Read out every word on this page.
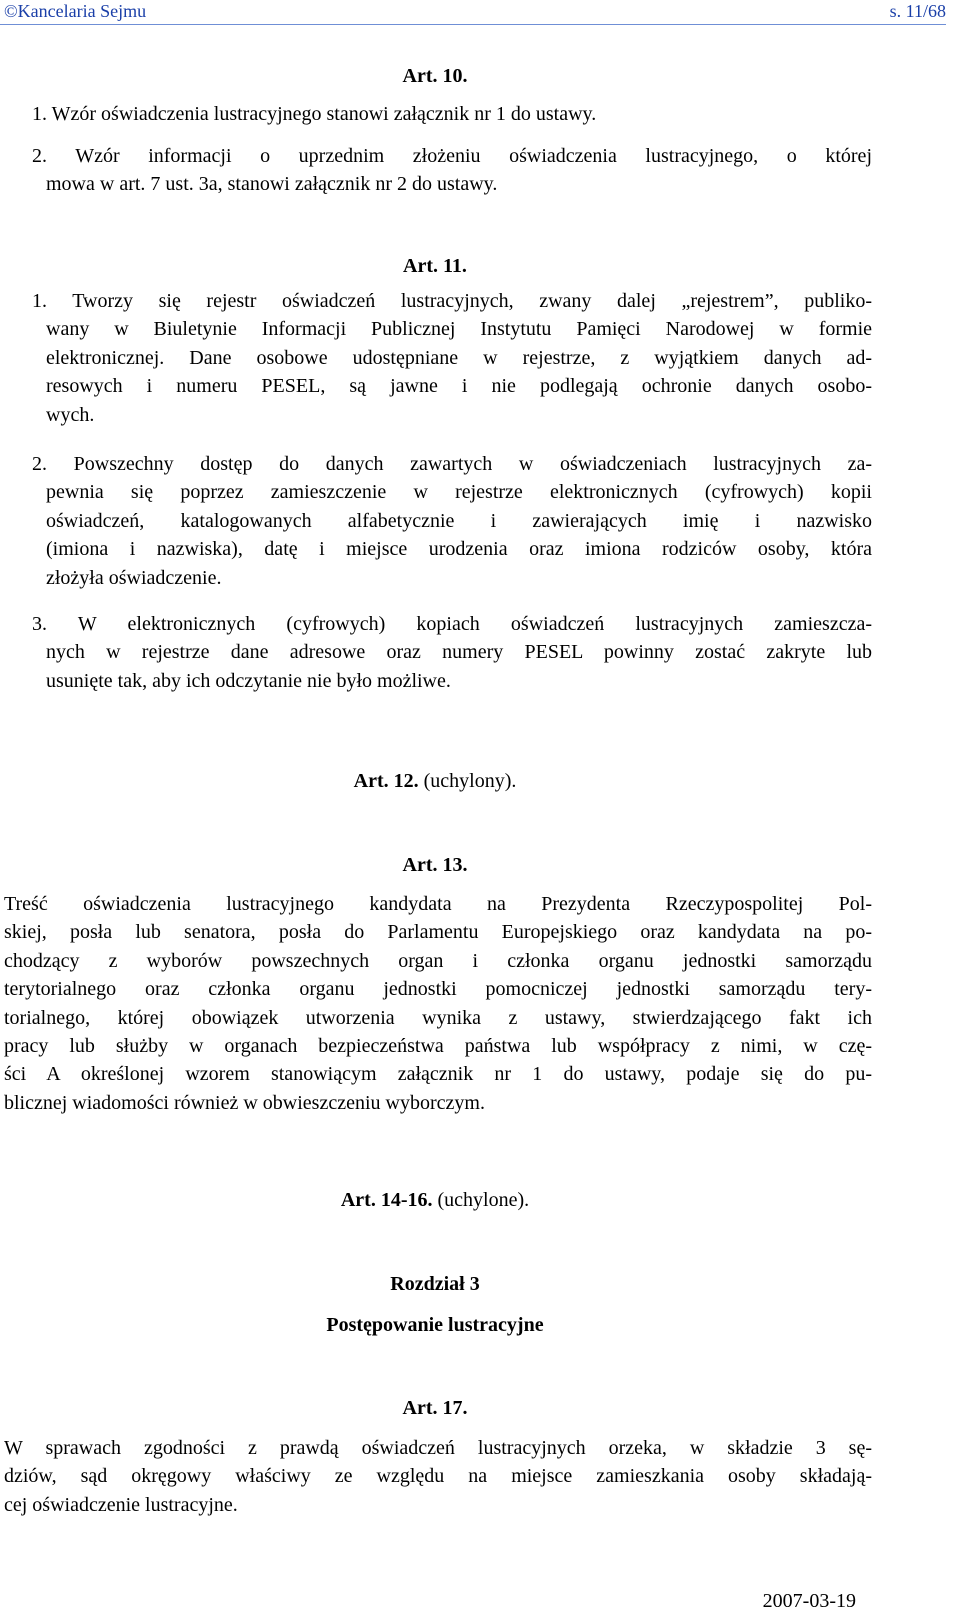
©Kancelaria Sejmu	s. 11/68
Art. 10.
1. Wzór oświadczenia lustracyjnego stanowi załącznik nr 1 do ustawy.
2. Wzór informacji o uprzednim złożeniu oświadczenia lustracyjnego, o której
mowa w art. 7 ust. 3a, stanowi załącznik nr 2 do ustawy.
Art. 11.
1. Tworzy się rejestr oświadczeń lustracyjnych, zwany dalej „rejestrem”, publiko-
wany w Biuletynie Informacji Publicznej Instytutu Pamięci Narodowej w formie
elektronicznej. Dane osobowe udostępniane w rejestrze, z wyjątkiem danych ad-
resowych i numeru PESEL, są jawne i nie podlegają ochronie danych osobo-
wych.
2. Powszechny dostęp do danych zawartych w oświadczeniach lustracyjnych za-
pewnia się poprzez zamieszczenie w rejestrze elektronicznych (cyfrowych) kopii
oświadczeń, katalogowanych alfabetycznie i zawierających imię i nazwisko
(imiona i nazwiska), datę i miejsce urodzenia oraz imiona rodziców osoby, która
złożyła oświadczenie.
3. W elektronicznych (cyfrowych) kopiach oświadczeń lustracyjnych zamieszcza-
nych w rejestrze dane adresowe oraz numery PESEL powinny zostać zakryte lub
usunięte tak, aby ich odczytanie nie było możliwe.
Art. 12. (uchylony).
Art. 13.
Treść oświadczenia lustracyjnego kandydata na Prezydenta Rzeczypospolitej Pol-
skiej, posła lub senatora, posła do Parlamentu Europejskiego oraz kandydata na po-
chodzący z wyborów powszechnych organ i członka organu jednostki samorządu
terytorialnego oraz członka organu jednostki pomocniczej jednostki samorządu tery-
torialnego, której obowiązek utworzenia wynika z ustawy, stwierdzającego fakt ich
pracy lub służby w organach bezpieczeństwa państwa lub współpracy z nimi, w czę-
ści A określonej wzorem stanowiącym załącznik nr 1 do ustawy, podaje się do pu-
blicznej wiadomości również w obwieszczeniu wyborczym.
Art. 14-16. (uchylone).
Rozdział 3
Postępowanie lustracyjne
Art. 17.
W sprawach zgodności z prawdą oświadczeń lustracyjnych orzeka, w składzie 3 sę-
dziów, sąd okręgowy właściwy ze względu na miejsce zamieszkania osoby składają-
cej oświadczenie lustracyjne.
2007-03-19
